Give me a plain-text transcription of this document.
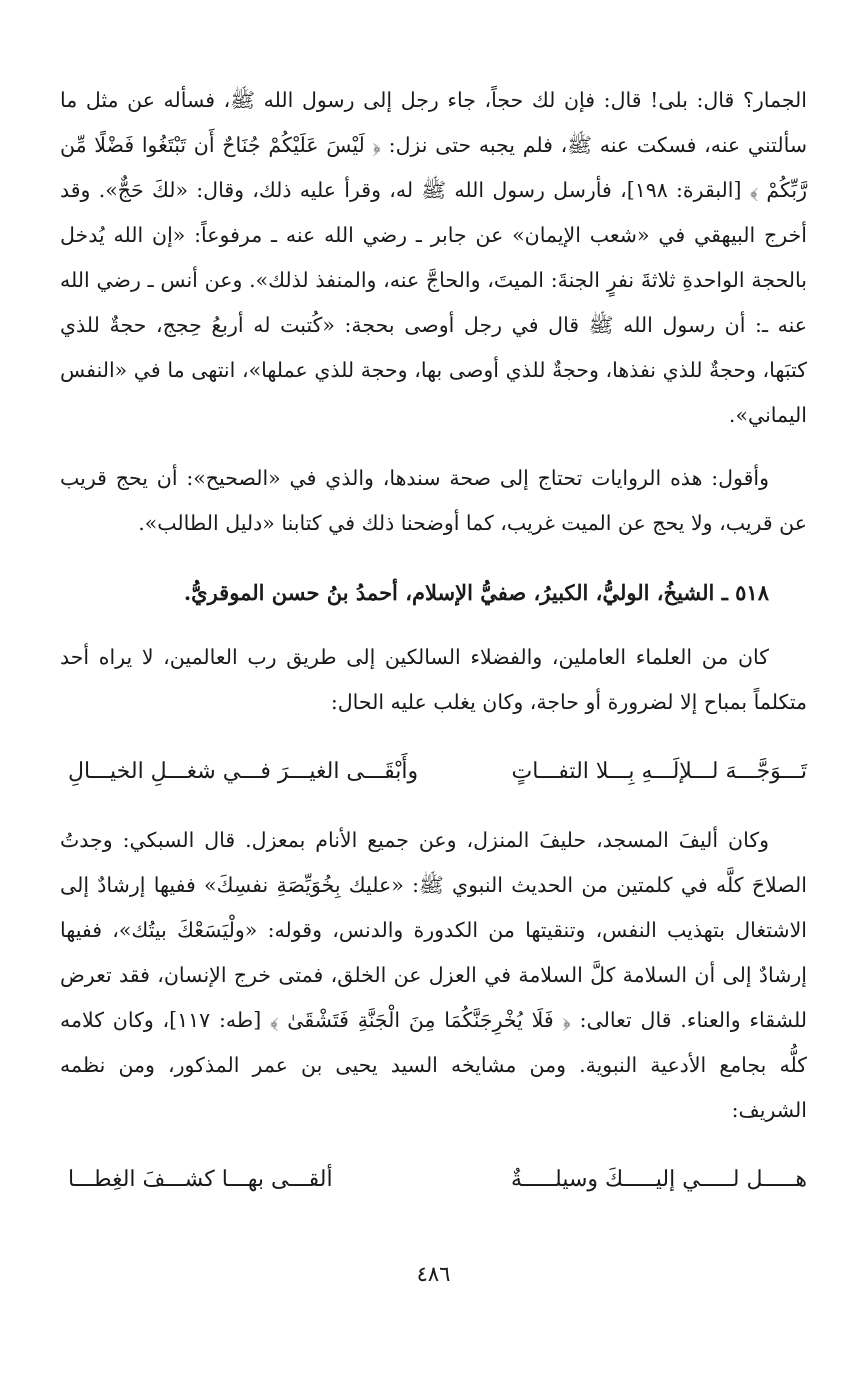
الجمار؟ قال: بلى! قال: فإن لك حجاً، جاء رجل إلى رسول الله ﷺ، فسأله عن مثل ما سألتني عنه، فسكت عنه ﷺ، فلم يجبه حتى نزل: ﴿ لَيْسَ عَلَيْكُمْ جُنَاحٌ أَن تَبْتَغُوا فَضْلًا مِّن رَّبِّكُمْ ﴾ [البقرة: ١٩٨]، فأرسل رسول الله ﷺ له، وقرأ عليه ذلك، وقال: «لكَ حَجٌّ». وقد أخرج البيهقي في «شعب الإيمان» عن جابر ـ رضي الله عنه ـ مرفوعاً: «إن الله يُدخل بالحجة الواحدةِ ثلاثةَ نفرٍ الجنةَ: الميتَ، والحاجَّ عنه، والمنفذ لذلك». وعن أنس ـ رضي الله عنه ـ: أن رسول الله ﷺ قال في رجل أوصى بحجة: «كُتبت له أربعُ حِجج، حجةٌ للذي كتبَها، وحجةٌ للذي نفذها، وحجةٌ للذي أوصى بها، وحجة للذي عملها»، انتهى ما في «النفس اليماني».

وأقول: هذه الروايات تحتاج إلى صحة سندها، والذي في «الصحيح»: أن يحج قريب عن قريب، ولا يحج عن الميت غريب، كما أوضحنا ذلك في كتابنا «دليل الطالب».

٥١٨ ـ الشيخُ، الوليُّ، الكبيرُ، صفيُّ الإسلام، أحمدُ بنُ حسن الموقريُّ.

كان من العلماء العاملين، والفضلاء السالكين إلى طريق رب العالمين، لا يراه أحد متكلماً بمباح إلا لضرورة أو حاجة، وكان يغلب عليه الحال:

تَـــوَجَّـــهَ لـــلإلَـــهِ بِـــلا التفـــاتٍ
وأَبْقَـــى الغيـــرَ فـــي شغـــلِ الخيـــالِ

وكان أليفَ المسجد، حليفَ المنزل، وعن جميع الأنام بمعزل. قال السبكي: وجدتُ الصلاحَ كلَّه في كلمتين من الحديث النبوي ﷺ: «عليك بِخُوَيِّصَةِ نفسِكَ» ففيها إرشادٌ إلى الاشتغال بتهذيب النفس، وتنقيتها من الكدورة والدنس، وقوله: «ولْيَسَعْكَ بيتُك»، ففيها إرشادٌ إلى أن السلامة كلَّ السلامة في العزل عن الخلق، فمتى خرج الإنسان، فقد تعرض للشقاء والعناء. قال تعالى: ﴿ فَلَا يُخْرِجَنَّكُمَا مِنَ الْجَنَّةِ فَتَشْقَىٰ ﴾ [طه: ١١٧]، وكان كلامه كلُّه بجامع الأدعية النبوية. ومن مشايخه السيد يحيى بن عمر المذكور، ومن نظمه الشريف:

هـــــل لـــــي إليـــــكَ وسيلـــــةٌ
ألقـــى بهـــا كشـــفَ الغِطـــا
٤٨٦
